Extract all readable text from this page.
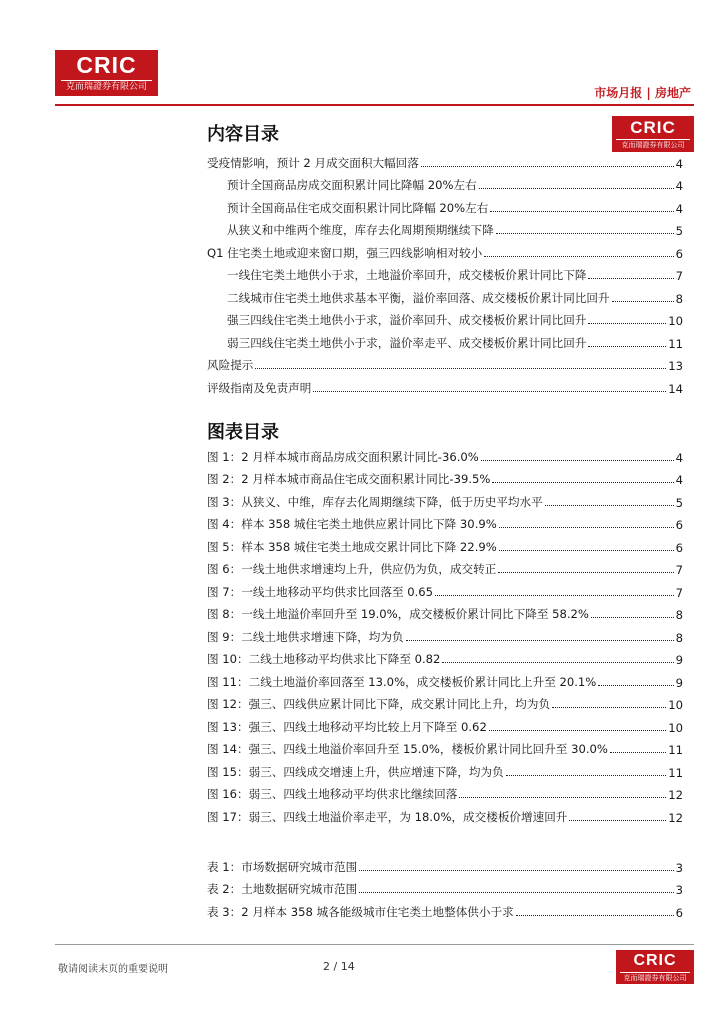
CRIC
克而瑞證券有限公司	市场月报 | 房地产
内容目录	CRIC
克而瑞證券有限公司
受疫情影响，预计 2 月成交面积大幅回落	4
预计全国商品房成交面积累计同比降幅 20%左右	4
预计全国商品住宅成交面积累计同比降幅 20%左右	4
从狭义和中维两个维度，库存去化周期预期继续下降	5
Q1 住宅类土地或迎来窗口期，强三四线影响相对较小	6
一线住宅类土地供小于求，土地溢价率回升，成交楼板价累计同比下降	7
二线城市住宅类土地供求基本平衡，溢价率回落、成交楼板价累计同比回升	8
强三四线住宅类土地供小于求，溢价率回升、成交楼板价累计同比回升	10
弱三四线住宅类土地供小于求，溢价率走平、成交楼板价累计同比回升	11
风险提示	13
评级指南及免责声明	14
图表目录
图 1：2 月样本城市商品房成交面积累计同比-36.0%	4
图 2：2 月样本城市商品住宅成交面积累计同比-39.5%	4
图 3：从狭义、中维，库存去化周期继续下降，低于历史平均水平	5
图 4：样本 358 城住宅类土地供应累计同比下降 30.9%	6
图 5：样本 358 城住宅类土地成交累计同比下降 22.9%	6
图 6：一线土地供求增速均上升，供应仍为负，成交转正	7
图 7：一线土地移动平均供求比回落至 0.65	7
图 8：一线土地溢价率回升至 19.0%，成交楼板价累计同比下降至 58.2%	8
图 9：二线土地供求增速下降，均为负	8
图 10：二线土地移动平均供求比下降至 0.82	9
图 11：二线土地溢价率回落至 13.0%，成交楼板价累计同比上升至 20.1%	9
图 12：强三、四线供应累计同比下降，成交累计同比上升，均为负	10
图 13：强三、四线土地移动平均比较上月下降至 0.62	10
图 14：强三、四线土地溢价率回升至 15.0%，楼板价累计同比回升至 30.0%	11
图 15：弱三、四线成交增速上升，供应增速下降，均为负	11
图 16：弱三、四线土地移动平均供求比继续回落	12
图 17：弱三、四线土地溢价率走平，为 18.0%，成交楼板价增速回升	12
表 1：市场数据研究城市范围	3
表 2：土地数据研究城市范围	3
表 3：2 月样本 358 城各能级城市住宅类土地整体供小于求	6
敬请阅读末页的重要说明	2 / 14	CRIC
克而瑞證券有限公司
